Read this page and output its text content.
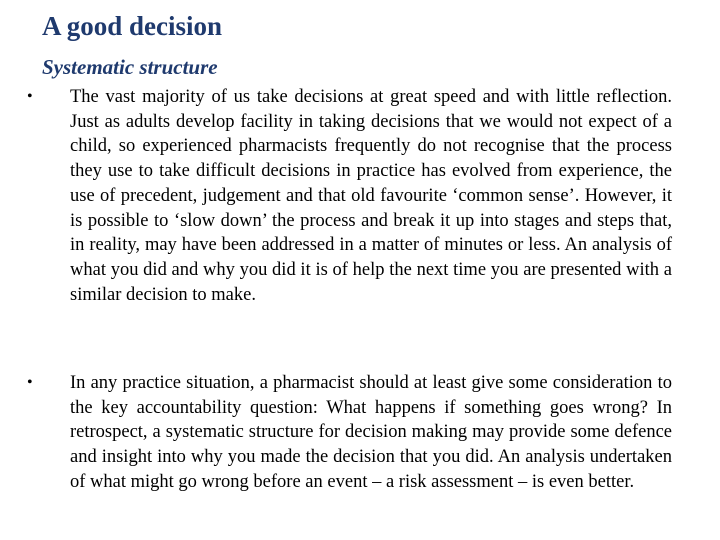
A good decision
Systematic structure
•	The vast majority of us take decisions at great speed and with little reflection. Just as adults develop facility in taking decisions that we would not expect of a child, so experienced pharmacists frequently do not recognise that the process they use to take difficult decisions in practice has evolved from experience, the use of precedent, judgement and that old favourite ‘common sense’. However, it is possible to ‘slow down’ the process and break it up into stages and steps that, in reality, may have been addressed in a matter of minutes or less. An analysis of what you did and why you did it is of help the next time you are presented with a similar decision to make.
•	In any practice situation, a pharmacist should at least give some consideration to the key accountability question: What happens if something goes wrong? In retrospect, a systematic structure for decision making may provide some defence and insight into why you made the decision that you did. An analysis undertaken of what might go wrong before an event – a risk assessment – is even better.
